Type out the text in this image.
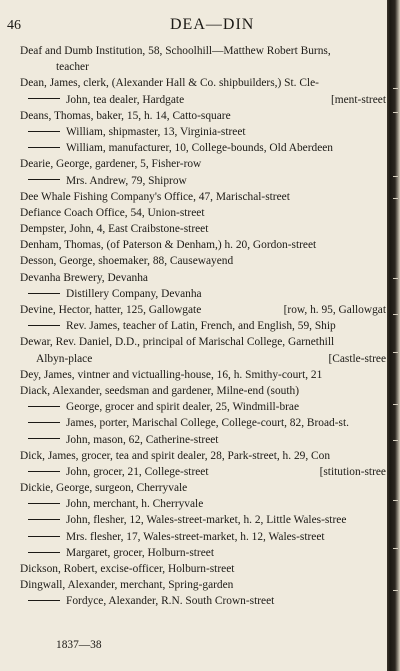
46	DEA—DIN
Deaf and Dumb Institution, 58, Schoolhill—Matthew Robert Burns,
teacher
Dean, James, clerk, (Alexander Hall & Co. shipbuilders,) St. Cle-
John, tea dealer, Hardgate	[ment-street
Deans, Thomas, baker, 15, h. 14, Catto-square
William, shipmaster, 13, Virginia-street
William, manufacturer, 10, College-bounds, Old Aberdeen
Dearie, George, gardener, 5, Fisher-row
Mrs. Andrew, 79, Shiprow
Dee Whale Fishing Company's Office, 47, Marischal-street
Defiance Coach Office, 54, Union-street
Dempster, John, 4, East Craibstone-street
Denham, Thomas, (of Paterson & Denham,) h. 20, Gordon-street
Desson, George, shoemaker, 88, Causewayend
Devanha Brewery, Devanha
Distillery Company, Devanha
Devine, Hector, hatter, 125, Gallowgate	[row, h. 95, Gallowgat
Rev. James, teacher of Latin, French, and English, 59, Ship
Dewar, Rev. Daniel, D.D., principal of Marischal College, Garnethill
Albyn-place	[Castle-stree
Dey, James, vintner and victualling-house, 16, h. Smithy-court, 21
Diack, Alexander, seedsman and gardener, Milne-end (south)
George, grocer and spirit dealer, 25, Windmill-brae
James, porter, Marischal College, College-court, 82, Broad-st.
John, mason, 62, Catherine-street
Dick, James, grocer, tea and spirit dealer, 28, Park-street, h. 29, Con
John, grocer, 21, College-street	[stitution-stree
Dickie, George, surgeon, Cherryvale
John, merchant, h. Cherryvale
John, flesher, 12, Wales-street-market, h. 2, Little Wales-stree
Mrs. flesher, 17, Wales-street-market, h. 12, Wales-street
Margaret, grocer, Holburn-street
Dickson, Robert, excise-officer, Holburn-street
Dingwall, Alexander, merchant, Spring-garden
Fordyce, Alexander, R.N. South Crown-street
1837—38
